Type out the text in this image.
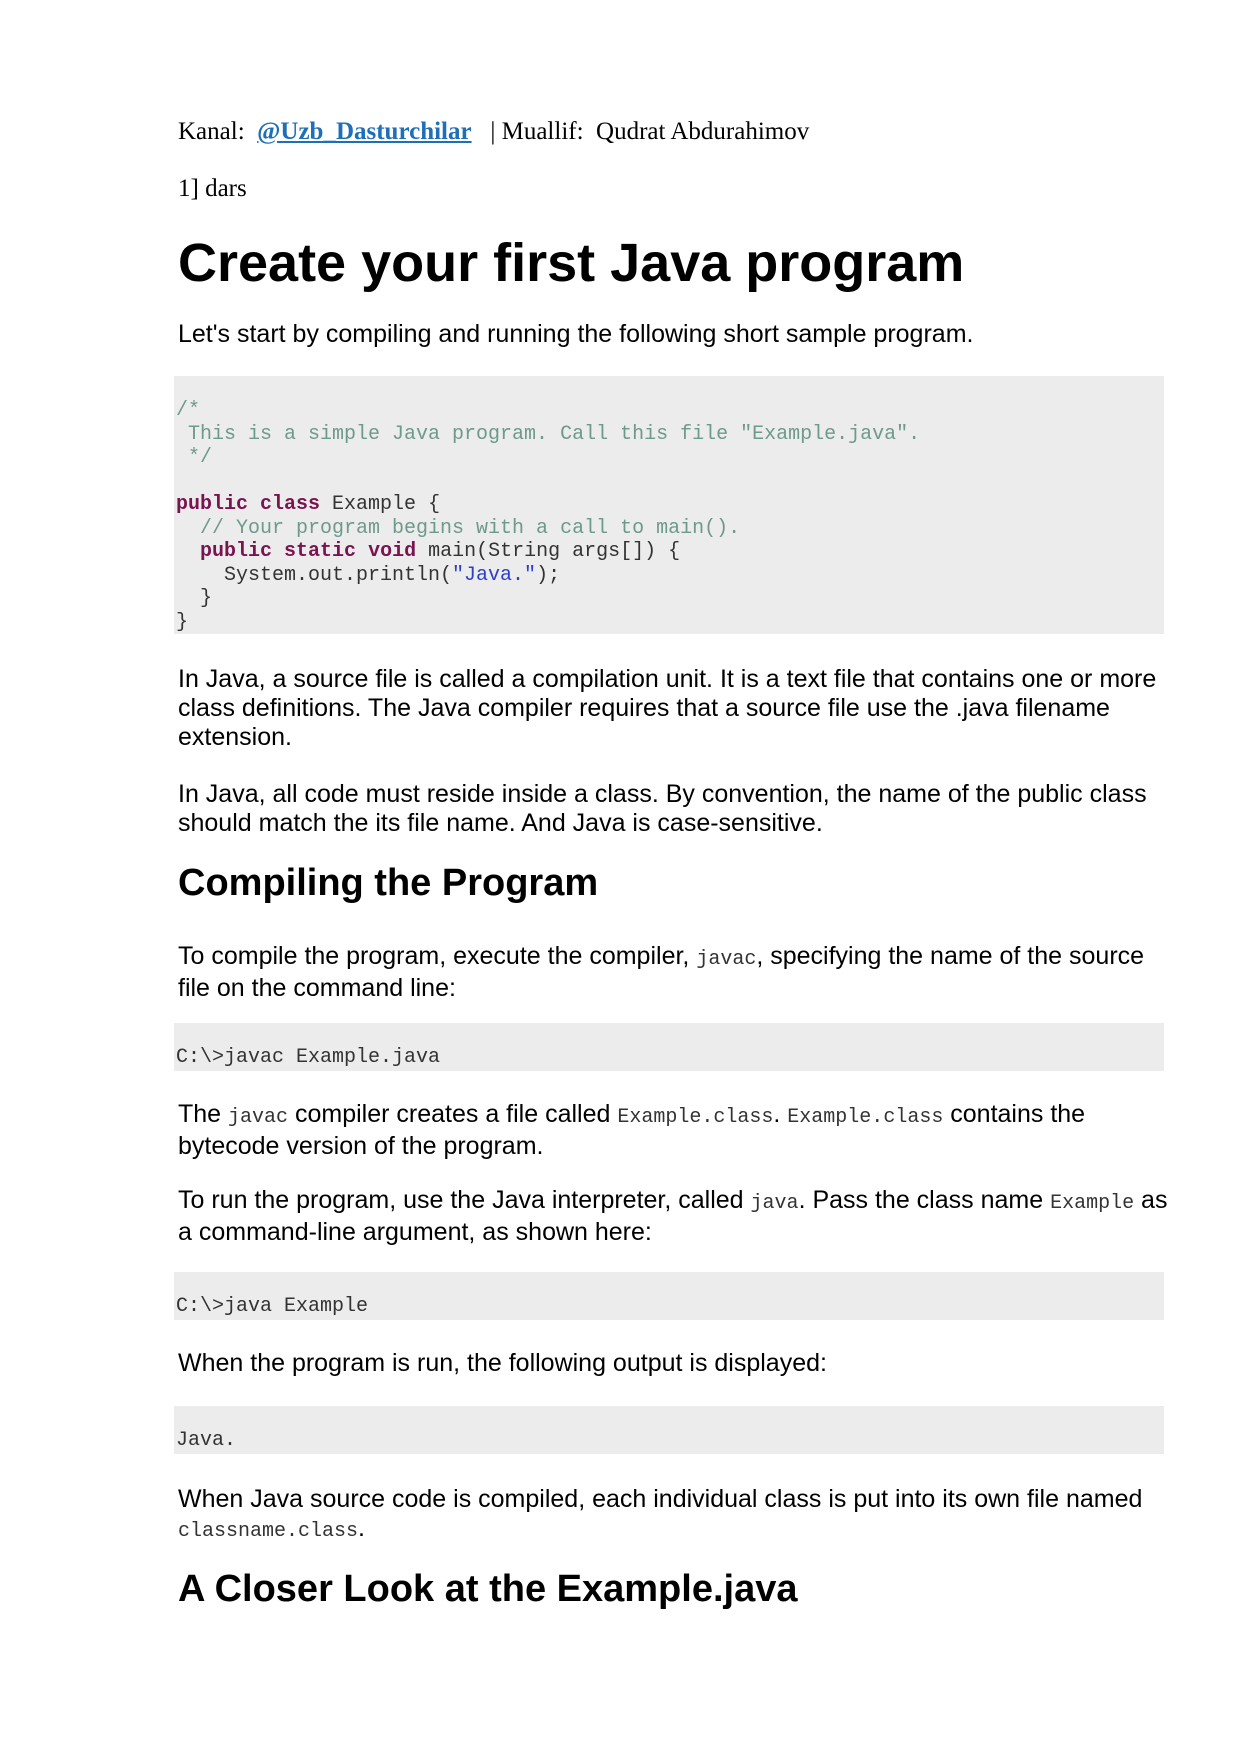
Kanal: @Uzb_Dasturchilar | Muallif: Qudrat Abdurahimov
1] dars
Create your first Java program

Let's start by compiling and running the following short sample program.

/*
This is a simple Java program. Call this file "Example.java".
*/

public class Example {
// Your program begins with a call to main().
public static void main(String args[]) {
System.out.println("Java.");
}
}

In Java, a source file is called a compilation unit. It is a text file that contains one or more class definitions. The Java compiler requires that a source file use the .java filename extension.

In Java, all code must reside inside a class. By convention, the name of the public class should match the its file name. And Java is case-sensitive.

Compiling the Program

To compile the program, execute the compiler, javac, specifying the name of the source file on the command line:

C:\>javac Example.java

The javac compiler creates a file called Example.class. Example.class contains the bytecode version of the program.

To run the program, use the Java interpreter, called java. Pass the class name Example as a command-line argument, as shown here:

C:\>java Example

When the program is run, the following output is displayed:

Java.

When Java source code is compiled, each individual class is put into its own file named classname.class.

A Closer Look at the Example.java
